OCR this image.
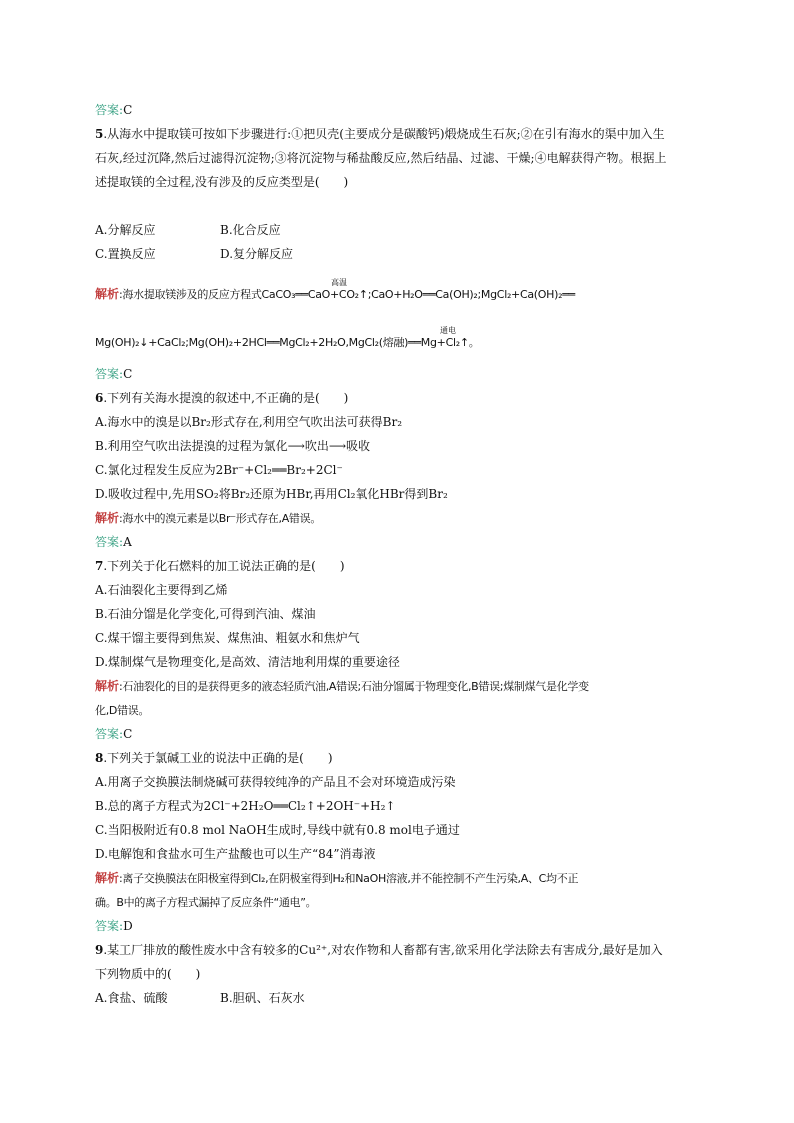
答案:C
5.从海水中提取镁可按如下步骤进行:①把贝壳(主要成分是碳酸钙)煅烧成生石灰;②在引有海水的渠中加入生
石灰,经过沉降,然后过滤得沉淀物;③将沉淀物与稀盐酸反应,然后结晶、过滤、干燥;④电解获得产物。根据上
述提取镁的全过程,没有涉及的反应类型是(　　)
A.分解反应	B.化合反应
C.置换反应	D.复分解反应
高温
解析:海水提取镁涉及的反应方程式CaCO₃══CaO+CO₂↑;CaO+H₂O══Ca(OH)₂;MgCl₂+Ca(OH)₂══
通电
Mg(OH)₂↓+CaCl₂;Mg(OH)₂+2HCl══MgCl₂+2H₂O,MgCl₂(熔融)══Mg+Cl₂↑。
答案:C
6.下列有关海水提溴的叙述中,不正确的是(　　)
A.海水中的溴是以Br₂形式存在,利用空气吹出法可获得Br₂
B.利用空气吹出法提溴的过程为氯化⟶吹出⟶吸收
C.氯化过程发生反应为2Br⁻+Cl₂══Br₂+2Cl⁻
D.吸收过程中,先用SO₂将Br₂还原为HBr,再用Cl₂氧化HBr得到Br₂
解析:海水中的溴元素是以Br⁻形式存在,A错误。
答案:A
7.下列关于化石燃料的加工说法正确的是(　　)
A.石油裂化主要得到乙烯
B.石油分馏是化学变化,可得到汽油、煤油
C.煤干馏主要得到焦炭、煤焦油、粗氨水和焦炉气
D.煤制煤气是物理变化,是高效、清洁地利用煤的重要途径
解析:石油裂化的目的是获得更多的液态轻质汽油,A错误;石油分馏属于物理变化,B错误;煤制煤气是化学变
化,D错误。
答案:C
8.下列关于氯碱工业的说法中正确的是(　　)
A.用离子交换膜法制烧碱可获得较纯净的产品且不会对环境造成污染
B.总的离子方程式为2Cl⁻+2H₂O══Cl₂↑+2OH⁻+H₂↑
C.当阳极附近有0.8 mol NaOH生成时,导线中就有0.8 mol电子通过
D.电解饱和食盐水可生产盐酸也可以生产“84”消毒液
解析:离子交换膜法在阳极室得到Cl₂,在阴极室得到H₂和NaOH溶液,并不能控制不产生污染,A、C均不正
确。B中的离子方程式漏掉了反应条件“通电”。
答案:D
9.某工厂排放的酸性废水中含有较多的Cu²⁺,对农作物和人畜都有害,欲采用化学法除去有害成分,最好是加入
下列物质中的(　　)
A.食盐、硫酸	B.胆矾、石灰水
